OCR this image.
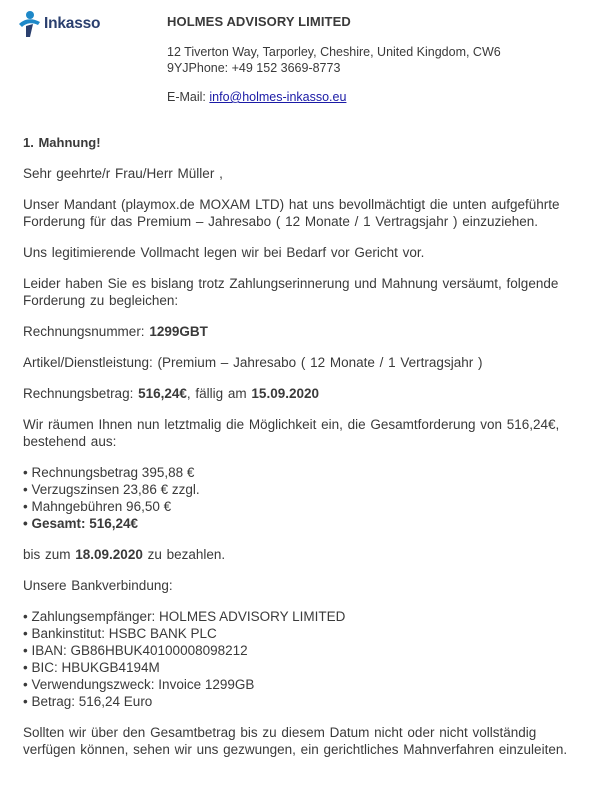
Inkasso	HOLMES ADVISORY LIMITED
12 Tiverton Way, Tarporley, Cheshire, United Kingdom, CW6
9YJPhone: +49 152 3669-8773
E-Mail: info@holmes-inkasso.eu

1. Mahnung!

Sehr geehrte/r Frau/Herr Müller ,

Unser Mandant (playmox.de MOXAM LTD) hat uns bevollmächtigt die unten aufgeführte Forderung für das Premium – Jahresabo ( 12 Monate / 1 Vertragsjahr ) einzuziehen.

Uns legitimierende Vollmacht legen wir bei Bedarf vor Gericht vor.

Leider haben Sie es bislang trotz Zahlungserinnerung und Mahnung versäumt, folgende Forderung zu begleichen:

Rechnungsnummer: 1299GBT

Artikel/Dienstleistung: (Premium – Jahresabo ( 12 Monate / 1 Vertragsjahr )

Rechnungsbetrag: 516,24€, fällig am 15.09.2020

Wir räumen Ihnen nun letztmalig die Möglichkeit ein, die Gesamtforderung von 516,24€, bestehend aus:

• Rechnungsbetrag 395,88 €
• Verzugszinsen 23,86 € zzgl.
• Mahngebühren 96,50 €
• Gesamt: 516,24€

bis zum 18.09.2020 zu bezahlen.

Unsere Bankverbindung:

• Zahlungsempfänger: HOLMES ADVISORY LIMITED
• Bankinstitut: HSBC BANK PLC
• IBAN: GB86HBUK40100008098212
• BIC: HBUKGB4194M
• Verwendungszweck: Invoice 1299GB
• Betrag: 516,24 Euro

Sollten wir über den Gesamtbetrag bis zu diesem Datum nicht oder nicht vollständig verfügen können, sehen wir uns gezwungen, ein gerichtliches Mahnverfahren einzuleiten.
